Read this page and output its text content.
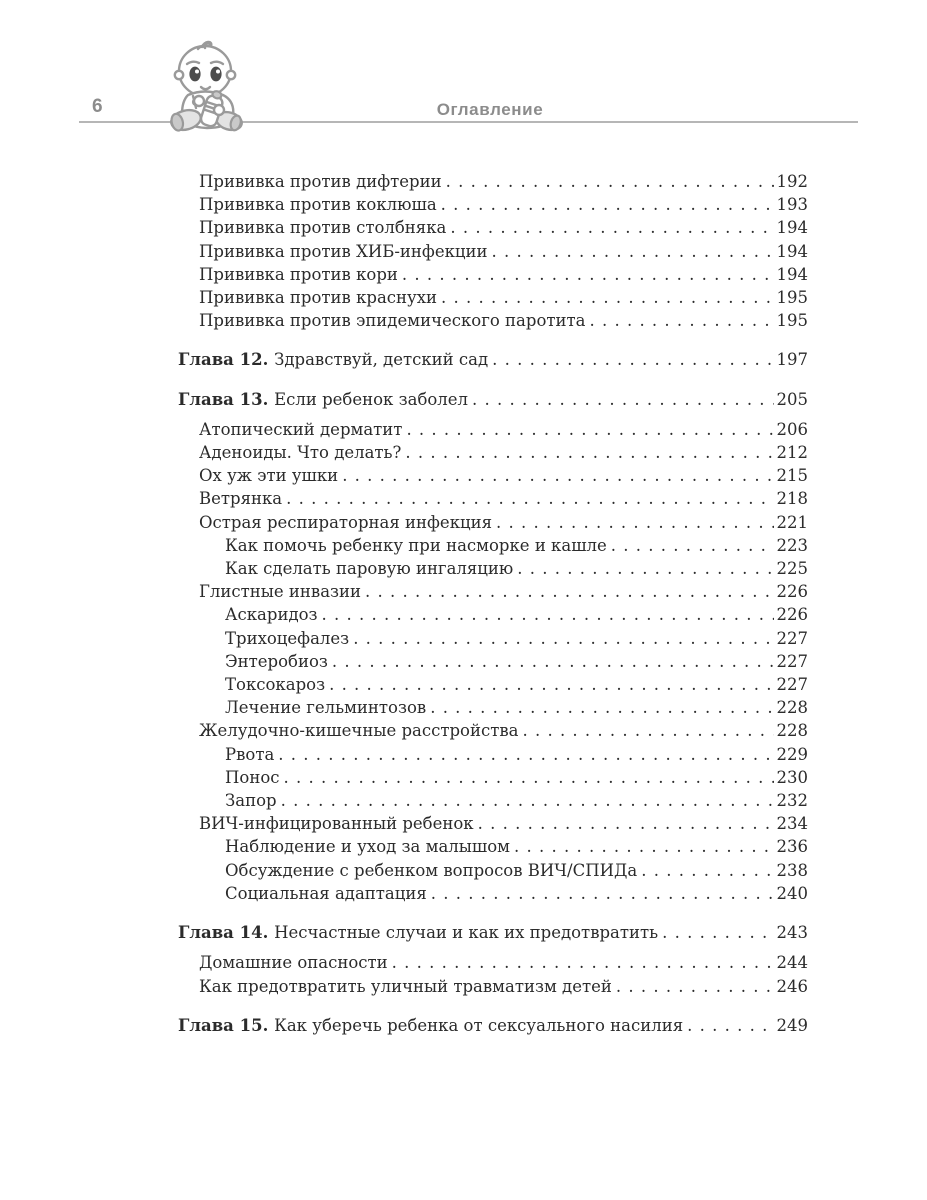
6	Оглавление
Прививка против дифтерии . . .	192
Прививка против коклюша . . .	193
Прививка против столбняка . . .	194
Прививка против ХИБ-инфекции . . .	194
Прививка против кори . . .	194
Прививка против краснухи . . .	195
Прививка против эпидемического паротита . . .	195
Глава 12. Здравствуй, детский сад . . .	197
Глава 13. Если ребенок заболел . . .	205
Атопический дерматит . . .	206
Аденоиды. Что делать? . . .	212
Ох уж эти ушки . . .	215
Ветрянка . . .	218
Острая респираторная инфекция . . .	221
Как помочь ребенку при насморке и кашле . . .	223
Как сделать паровую ингаляцию . . .	225
Глистные инвазии . . .	226
Аскаридоз . . .	226
Трихоцефалез . . .	227
Энтеробиоз . . .	227
Токсокароз . . .	227
Лечение гельминтозов . . .	228
Желудочно-кишечные расстройства . . .	228
Рвота . . .	229
Понос . . .	230
Запор . . .	232
ВИЧ-инфицированный ребенок . . .	234
Наблюдение и уход за малышом . . .	236
Обсуждение с ребенком вопросов ВИЧ/СПИДа . . .	238
Социальная адаптация . . .	240
Глава 14. Несчастные случаи и как их предотвратить . . .	243
Домашние опасности . . .	244
Как предотвратить уличный травматизм детей . . .	246
Глава 15. Как уберечь ребенка от сексуального насилия . . .	249
